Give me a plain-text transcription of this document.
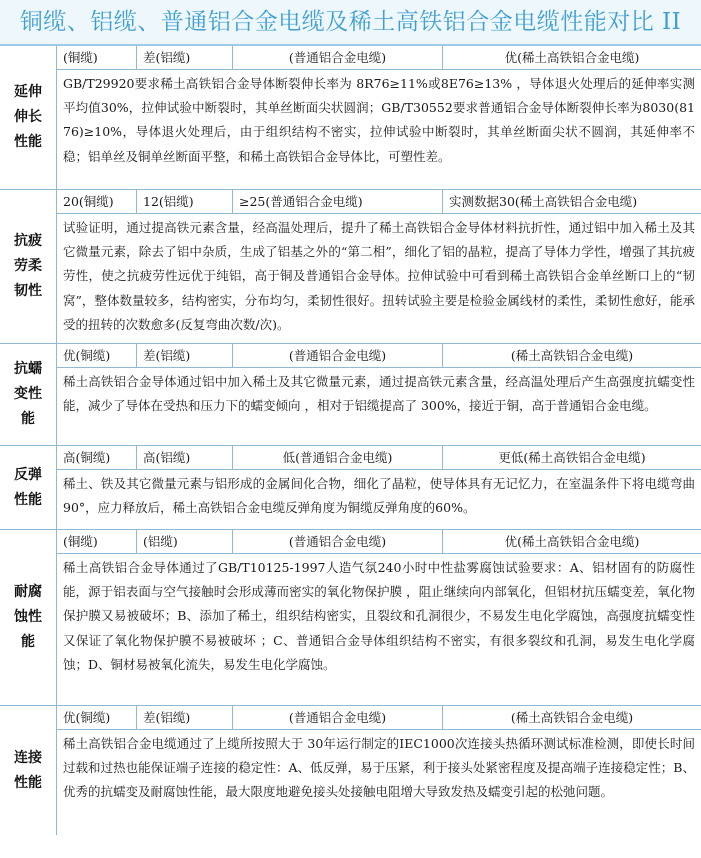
铜缆、铝缆、普通铝合金电缆及稀土高铁铝合金电缆性能对比 II
延伸伸长性能
(铜缆)	差(铝缆)	(普通铝合金电缆)	优(稀土高铁铝合金电缆)
GB/T29920要求稀土高铁铝合金导体断裂伸长率为 8R76≥11%或8E76≥13% ，导体退火处理后的延伸率实测平均值30%，拉伸试验中断裂时，其单丝断面尖状圆润；GB/T30552要求普通铝合金导体断裂伸长率为8030(8176)≥10%，导体退火处理后，由于组织结构不密实，拉伸试验中断裂时，其单丝断面尖状不圆润，其延伸率不稳；铝单丝及铜单丝断面平整，和稀土高铁铝合金导体比，可塑性差。
抗疲劳柔韧性
20(铜缆)	12(铝缆)	≥25(普通铝合金电缆)	实测数据30(稀土高铁铝合金电缆)
试验证明，通过提高铁元素含量，经高温处理后，提升了稀土高铁铝合金导体材料抗折性，通过铝中加入稀土及其它微量元素，除去了铝中杂质，生成了铝基之外的“第二相”，细化了铝的晶粒，提高了导体力学性，增强了其抗疲劳性，使之抗疲劳性远优于纯铝，高于铜及普通铝合金导体。拉伸试验中可看到稀土高铁铝合金单丝断口上的“韧窝”，整体数量较多，结构密实，分布均匀，柔韧性很好。扭转试验主要是检验金属线材的柔性，柔韧性愈好，能承受的扭转的次数愈多(反复弯曲次数/次)。
抗蠕变性能
优(铜缆)	差(铝缆)	(普通铝合金电缆)	(稀土高铁铝合金电缆)
稀土高铁铝合金导体通过铝中加入稀土及其它微量元素，通过提高铁元素含量，经高温处理后产生高强度抗蠕变性能，减少了导体在受热和压力下的蠕变倾向 ，相对于铝缆提高了 300%，接近于铜，高于普通铝合金电缆。
反弹性能
高(铜缆)	高(铝缆)	低(普通铝合金电缆)	更低(稀土高铁铝合金电缆)
稀土、铁及其它微量元素与铝形成的金属间化合物，细化了晶粒，使导体具有无记忆力，在室温条件下将电缆弯曲90°，应力释放后，稀土高铁铝合金电缆反弹角度为铜缆反弹角度的60%。
耐腐蚀性能
(铜缆)	(铝缆)	(普通铝合金电缆)	优(稀土高铁铝合金电缆)
稀土高铁铝合金导体通过了GB/T10125-1997人造气氛240小时中性盐雾腐蚀试验要求：A、铝材固有的防腐性能，源于铝表面与空气接触时会形成薄而密实的氧化物保护膜 ，阻止继续向内部氧化，但铝材抗压蠕变差，氧化物保护膜又易被破坏；B、添加了稀土，组织结构密实，且裂纹和孔洞很少，不易发生电化学腐蚀，高强度抗蠕变性又保证了氧化物保护膜不易被破坏 ；C、普通铝合金导体组织结构不密实，有很多裂纹和孔洞，易发生电化学腐蚀；D、铜材易被氧化流失，易发生电化学腐蚀。
连接性能
优(铜缆)	差(铝缆)	(普通铝合金电缆)	(稀土高铁铝合金电缆)
稀土高铁铝合金电缆通过了上缆所按照大于 30年运行制定的IEC1000次连接头热循环测试标准检测，即使长时间过载和过热也能保证端子连接的稳定性：A、低反弹，易于压紧，利于接头处紧密程度及提高端子连接稳定性；B、优秀的抗蠕变及耐腐蚀性能，最大限度地避免接头处接触电阻增大导致发热及蠕变引起的松弛问题。
